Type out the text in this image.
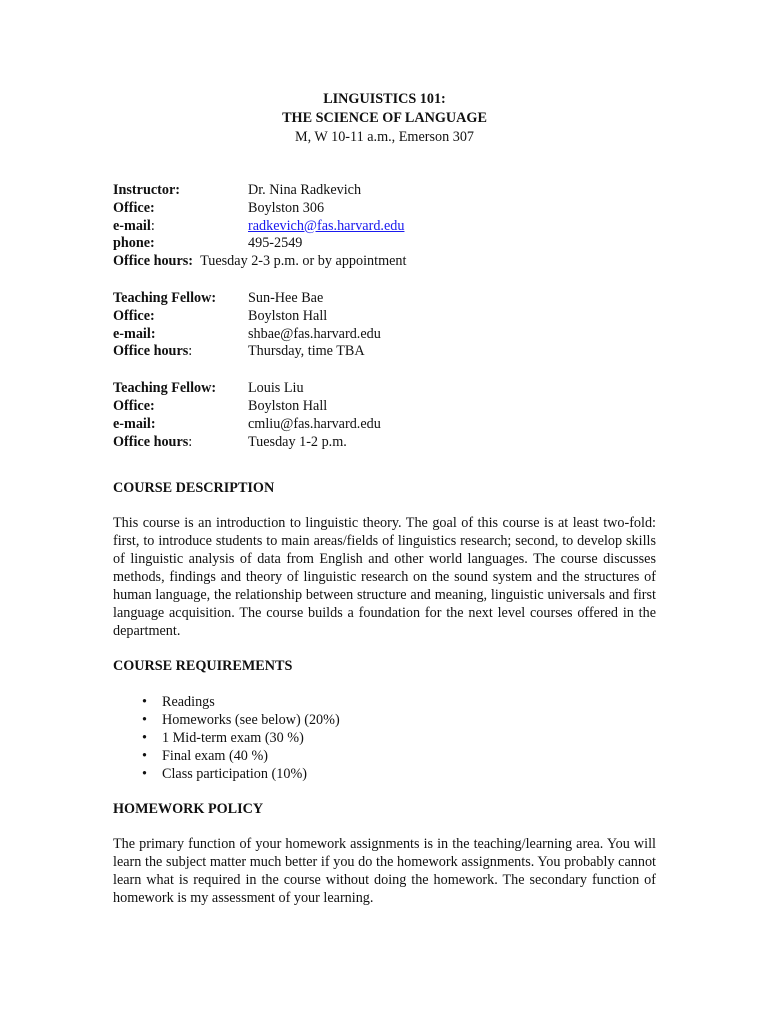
LINGUISTICS 101:
THE SCIENCE OF LANGUAGE
M, W 10-11 a.m., Emerson 307
Instructor:	Dr. Nina Radkevich
Office:	Boylston 306
e-mail:	radkevich@fas.harvard.edu
phone:	495-2549
Office hours:
Tuesday 2-3 p.m. or by appointment
Teaching Fellow:	Sun-Hee Bae
Office:	Boylston Hall
e-mail:	shbae@fas.harvard.edu
Office hours:	Thursday, time TBA
Teaching Fellow:	Louis Liu
Office:	Boylston Hall
e-mail:	cmliu@fas.harvard.edu
Office hours:	Tuesday 1-2 p.m.
COURSE DESCRIPTION

This course is an introduction to linguistic theory. The goal of this course is at least two-fold: first, to introduce students to main areas/fields of linguistics research; second, to develop skills of linguistic analysis of data from English and other world languages. The course discusses methods, findings and theory of linguistic research on the sound system and the structures of human language, the relationship between structure and meaning, linguistic universals and first language acquisition. The course builds a foundation for the next level courses offered in the department.

COURSE REQUIREMENTS
• Readings
• Homeworks (see below) (20%)
• 1 Mid-term exam (30 %)
• Final exam (40 %)
• Class participation (10%)
HOMEWORK POLICY

The primary function of your homework assignments is in the teaching/learning area. You will learn the subject matter much better if you do the homework assignments. You probably cannot learn what is required in the course without doing the homework. The secondary function of homework is my assessment of your learning.
